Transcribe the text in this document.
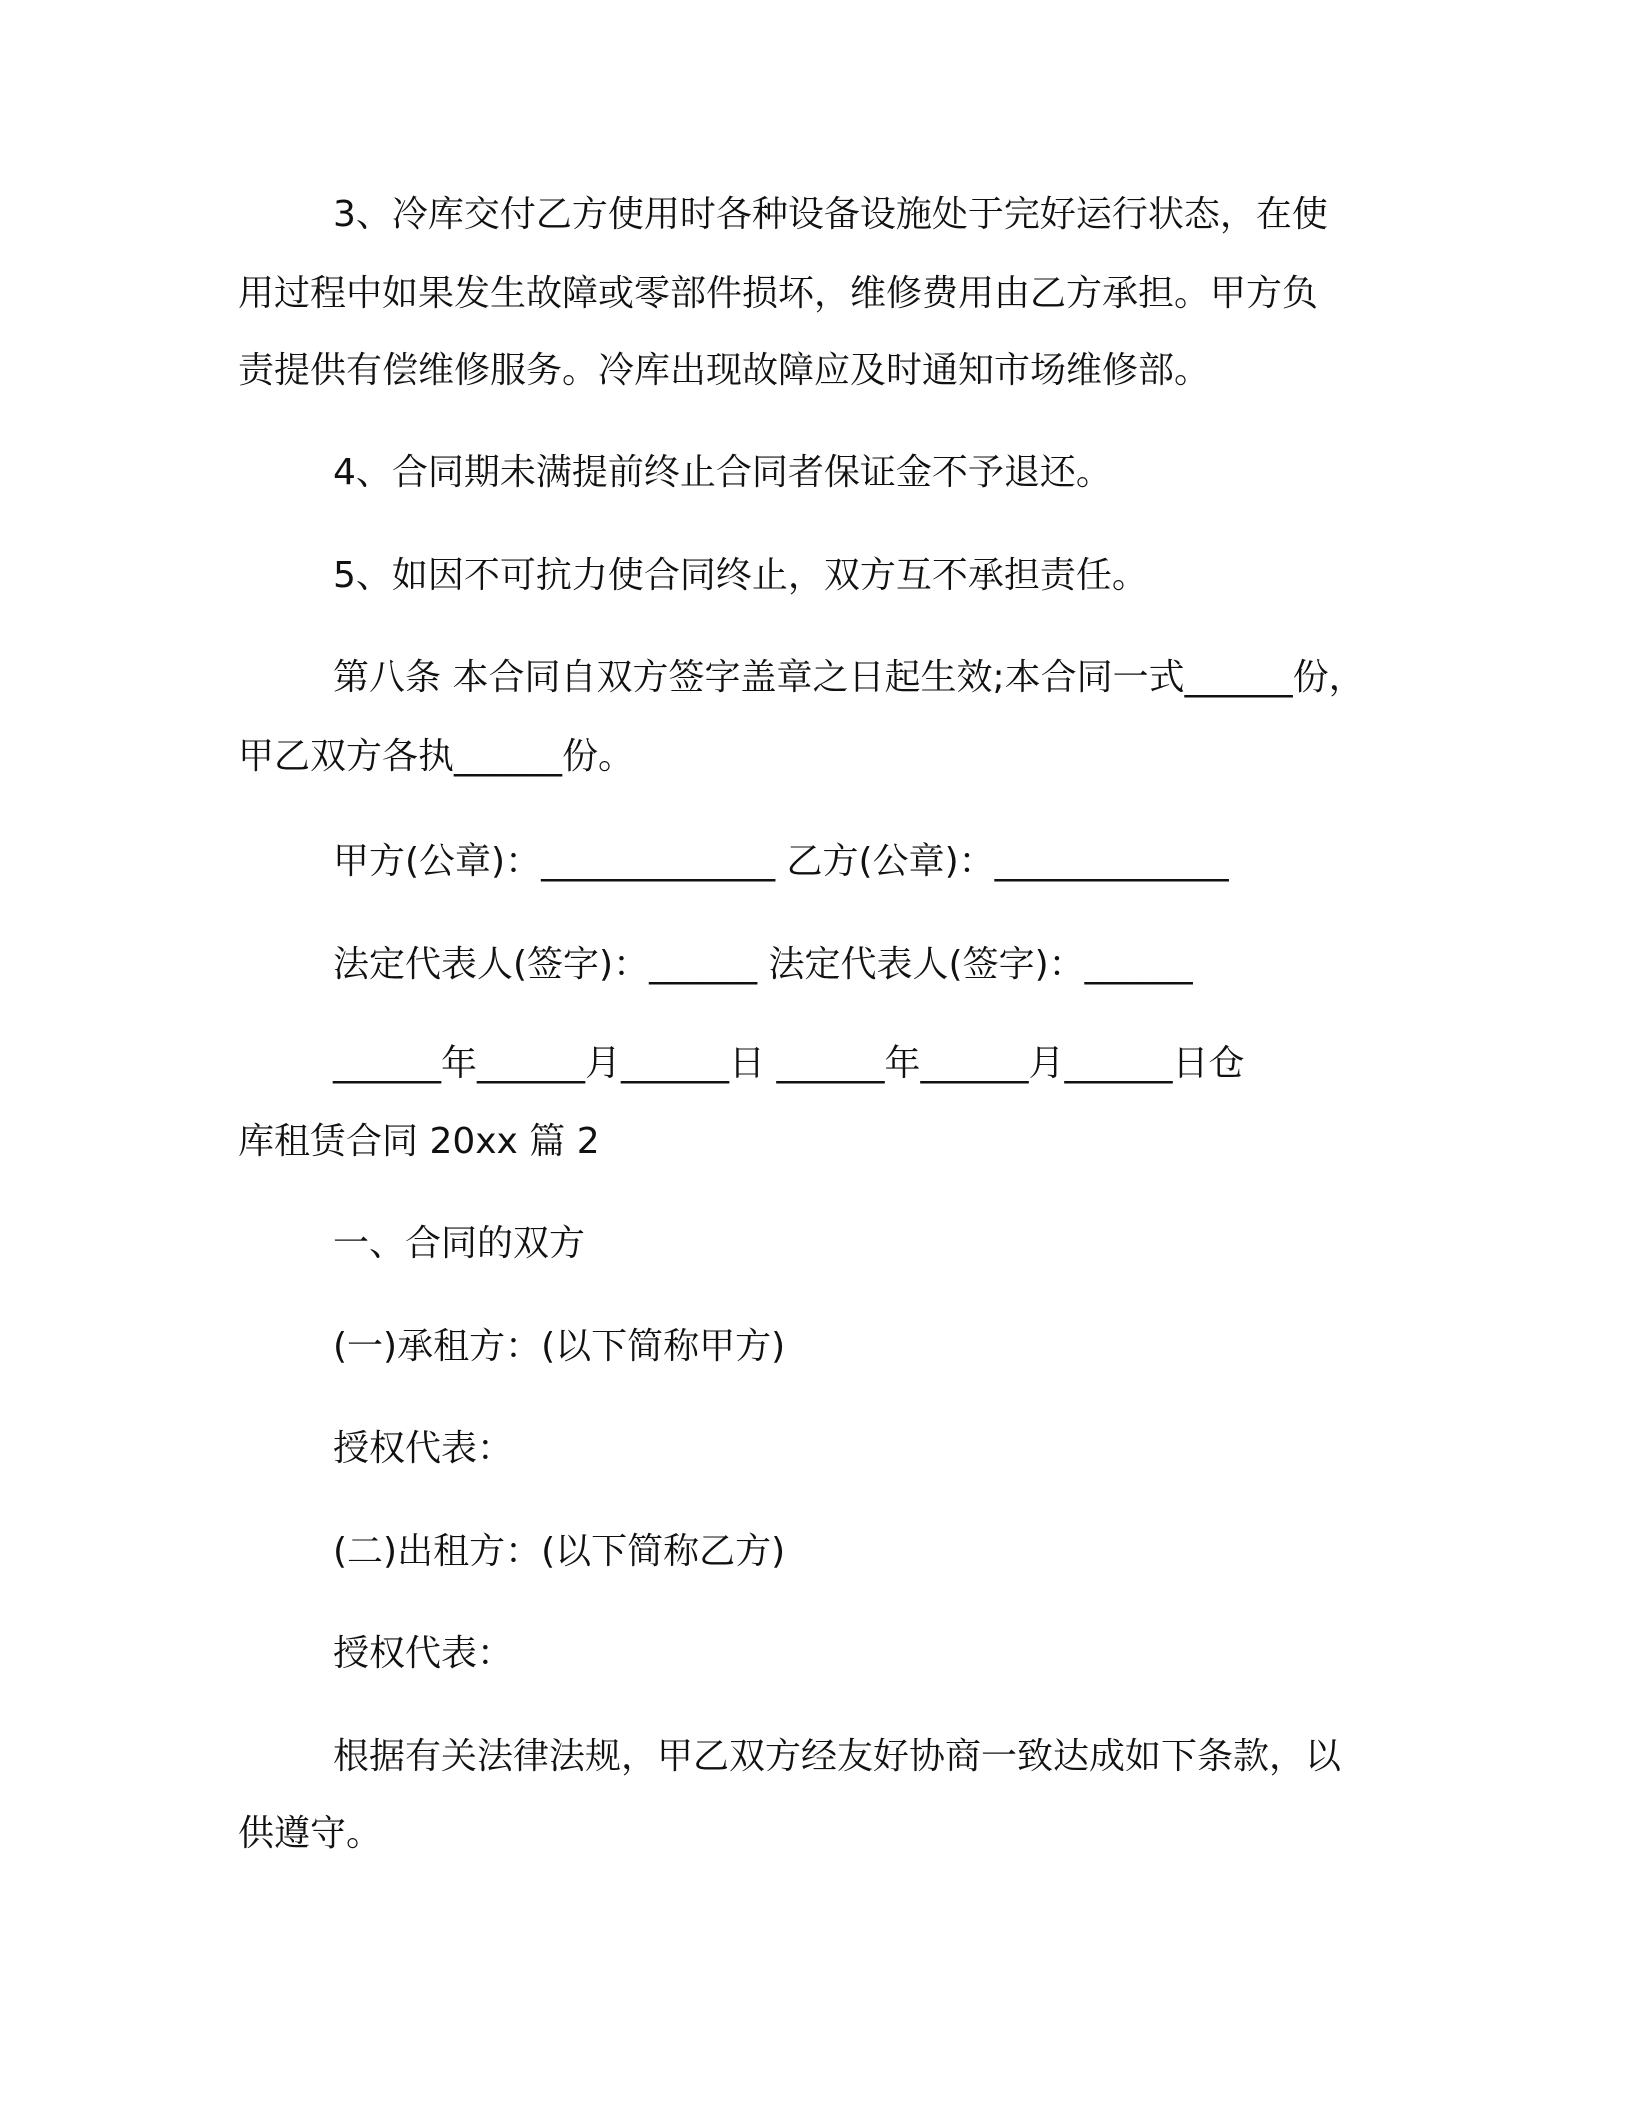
3、冷库交付乙方使用时各种设备设施处于完好运行状态，在使
用过程中如果发生故障或零部件损坏，维修费用由乙方承担。甲方负
责提供有偿维修服务。冷库出现故障应及时通知市场维修部。
4、合同期未满提前终止合同者保证金不予退还。
5、如因不可抗力使合同终止，双方互不承担责任。
第八条 本合同自双方签字盖章之日起生效;本合同一式______份，
甲乙双方各执______份。
甲方(公章)：_____________ 乙方(公章)：_____________
法定代表人(签字)：______ 法定代表人(签字)：______
______年______月______日 ______年______月______日仓
库租赁合同 20xx 篇 2
一、合同的双方
(一)承租方：(以下简称甲方)
授权代表：
(二)出租方：(以下简称乙方)
授权代表：
根据有关法律法规，甲乙双方经友好协商一致达成如下条款，以
供遵守。
